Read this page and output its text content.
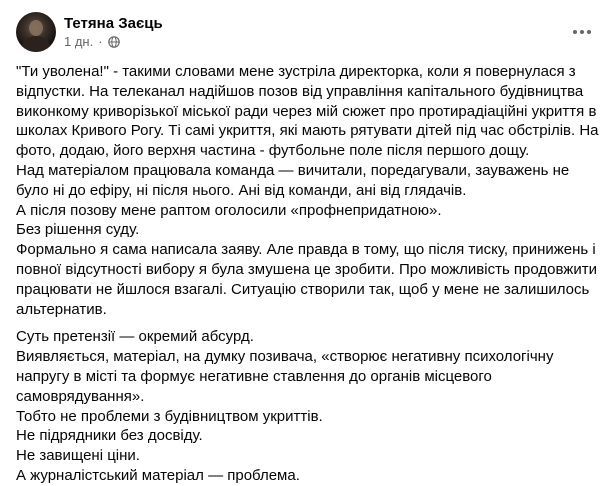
Тетяна Заєць
1 дн. ·

"Ти уволена!" - такими словами мене зустріла директорка, коли я повернулася з відпустки. На телеканал надійшов позов від управління капітального будівництва виконкому криворізької міської ради через мій сюжет про протирадіаційні укриття в школах Кривого Рогу. Ті самі укриття, які мають рятувати дітей під час обстрілів. На фото, додаю, його верхня частина - футбольне поле після першого дощу.

Над матеріалом працювала команда — вичитали, поредагували, зауважень не було ні до ефіру, ні після нього. Ані від команди, ані від глядачів.

А після позову мене раптом оголосили «профнепридатною».

Без рішення суду.

Формально я сама написала заяву. Але правда в тому, що після тиску, принижень і повної відсутності вибору я була змушена це зробити. Про можливість продовжити працювати не йшлося взагалі. Ситуацію створили так, щоб у мене не залишилось альтернатив.

Суть претензії — окремий абсурд.

Виявляється, матеріал, на думку позивача, «створює негативну психологічну напругу в місті та формує негативне ставлення до органів місцевого самоврядування».

Тобто не проблеми з будівництвом укриттів.

Не підрядники без досвіду.

Не завищені ціни.

А журналістський матеріал — проблема.
